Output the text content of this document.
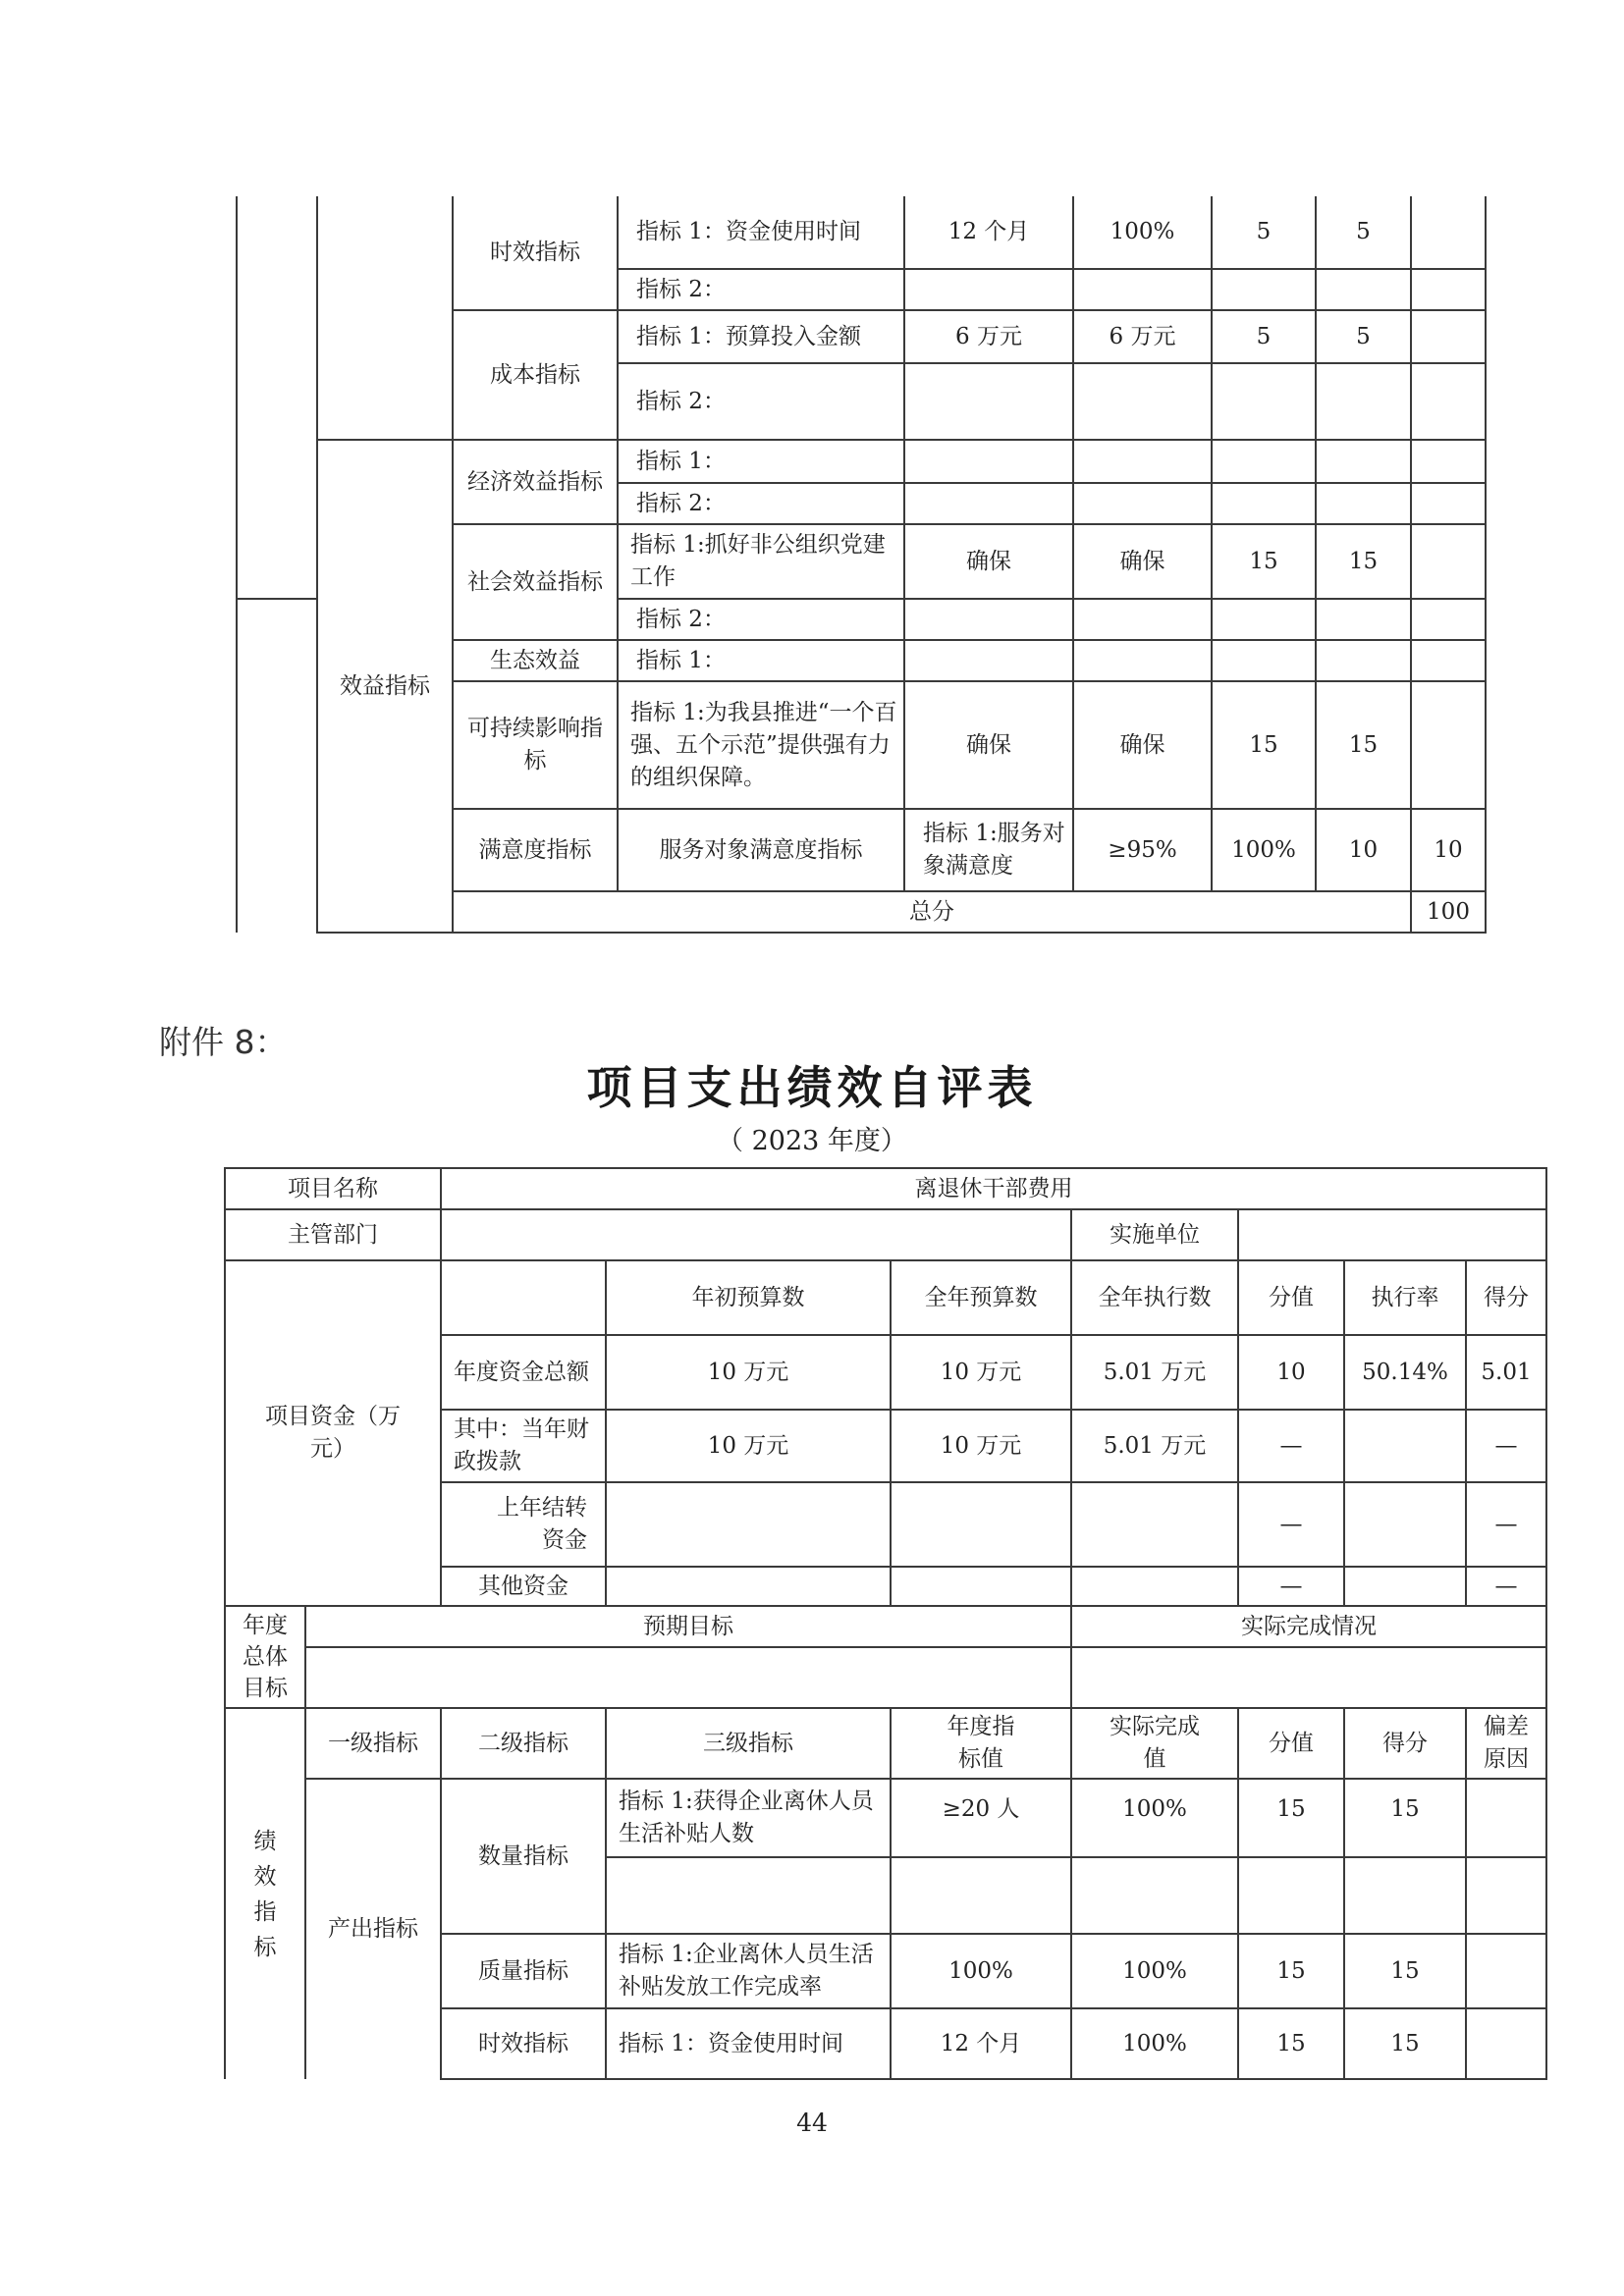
		时效指标	指标 1：资金使用时间	12 个月	100%	5	5		
			指标 2：						
		成本指标	指标 1：预算投入金额	6 万元	6 万元	5	5		
			指标 2：						
	效益指标	经济效益指标	指标 1：						
			指标 2：						
		社会效益指标	指标 1:抓好非公组织党建工作	确保	确保	15	15		
			指标 2：						
		生态效益	指标 1：						
		可持续影响指标	指标 1:为我县推进“一个百强、五个示范”提供强有力的组织保障。	确保	确保	15	15		
		满意度指标	服务对象满意度指标	指标 1:服务对象满意度	≥95%	100%	10	10	
		总分						100		
附件 8：
项目支出绩效自评表
（ 2023 年度）
项目名称		离退休干部费用						
主管部门					实施单位			
项目资金（万元）			年初预算数	全年预算数	全年执行数	分值	执行率	得分
		年度资金总额	10 万元	10 万元	5.01 万元	10	50.14%	5.01
		其中：当年财政拨款	10 万元	10 万元	5.01 万元	—		—
		上年结转资金				—		—
		其他资金				—		—
年度总体目标	预期目标				实际完成情况			

绩效指标	一级指标	二级指标	三级指标	年度指标值	实际完成值	分值	得分	偏差原因
	产出指标	数量指标	指标 1:获得企业离休人员生活补贴人数	≥20 人	100%	15	15	

		质量指标	指标 1:企业离休人员生活补贴发放工作完成率	100%	100%	15	15	
		时效指标	指标 1：资金使用时间	12 个月	100%	15	15	
44
